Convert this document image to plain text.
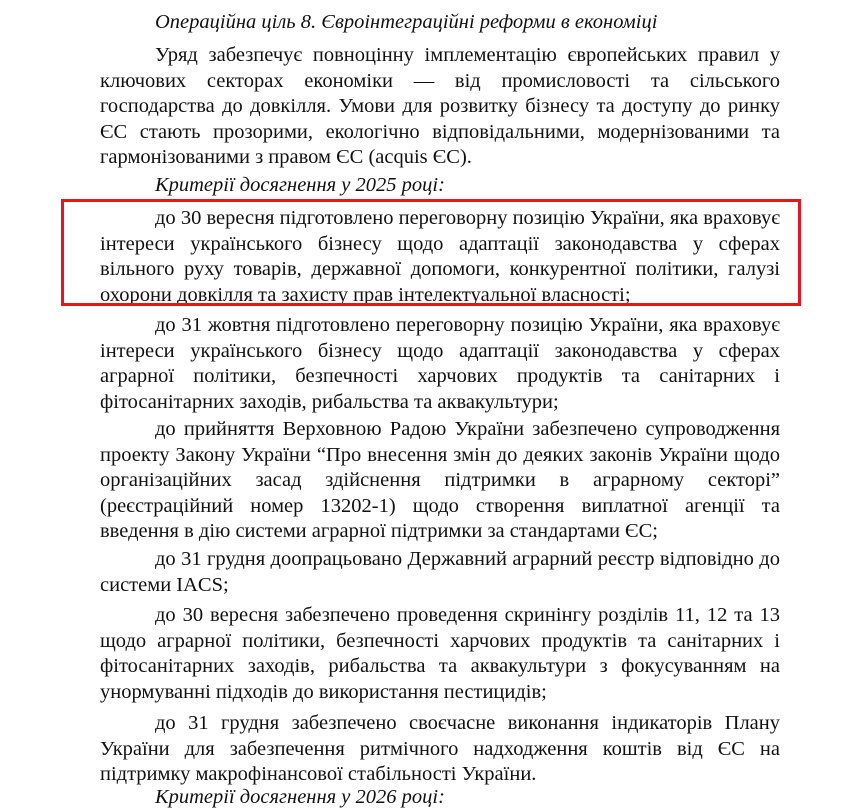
Операційна ціль 8. Євроінтеграційні реформи в економіці

Уряд забезпечує повноцінну імплементацію європейських правил у ключових секторах економіки — від промисловості та сільського господарства до довкілля. Умови для розвитку бізнесу та доступу до ринку ЄС стають прозорими, екологічно відповідальними, модернізованими та гармонізованими з правом ЄС (acquis ЄС).

Критерії досягнення у 2025 році:

до 30 вересня підготовлено переговорну позицію України, яка враховує інтереси українського бізнесу щодо адаптації законодавства у сферах вільного руху товарів, державної допомоги, конкурентної політики, галузі охорони довкілля та захисту прав інтелектуальної власності;

до 31 жовтня підготовлено переговорну позицію України, яка враховує інтереси українського бізнесу щодо адаптації законодавства у сферах аграрної політики, безпечності харчових продуктів та санітарних і фітосанітарних заходів, рибальства та аквакультури;

до прийняття Верховною Радою України забезпечено супроводження проекту Закону України “Про внесення змін до деяких законів України щодо організаційних засад здійснення підтримки в аграрному секторі” (реєстраційний номер 13202-1) щодо створення виплатної агенції та введення в дію системи аграрної підтримки за стандартами ЄС;

до 31 грудня доопрацьовано Державний аграрний реєстр відповідно до системи IACS;

до 30 вересня забезпечено проведення скринінгу розділів 11, 12 та 13 щодо аграрної політики, безпечності харчових продуктів та санітарних і фітосанітарних заходів, рибальства та аквакультури з фокусуванням на унормуванні підходів до використання пестицидів;

до 31 грудня забезпечено своєчасне виконання індикаторів Плану України для забезпечення ритмічного надходження коштів від ЄС на підтримку макрофінансової стабільності України.

Критерії досягнення у 2026 році:
